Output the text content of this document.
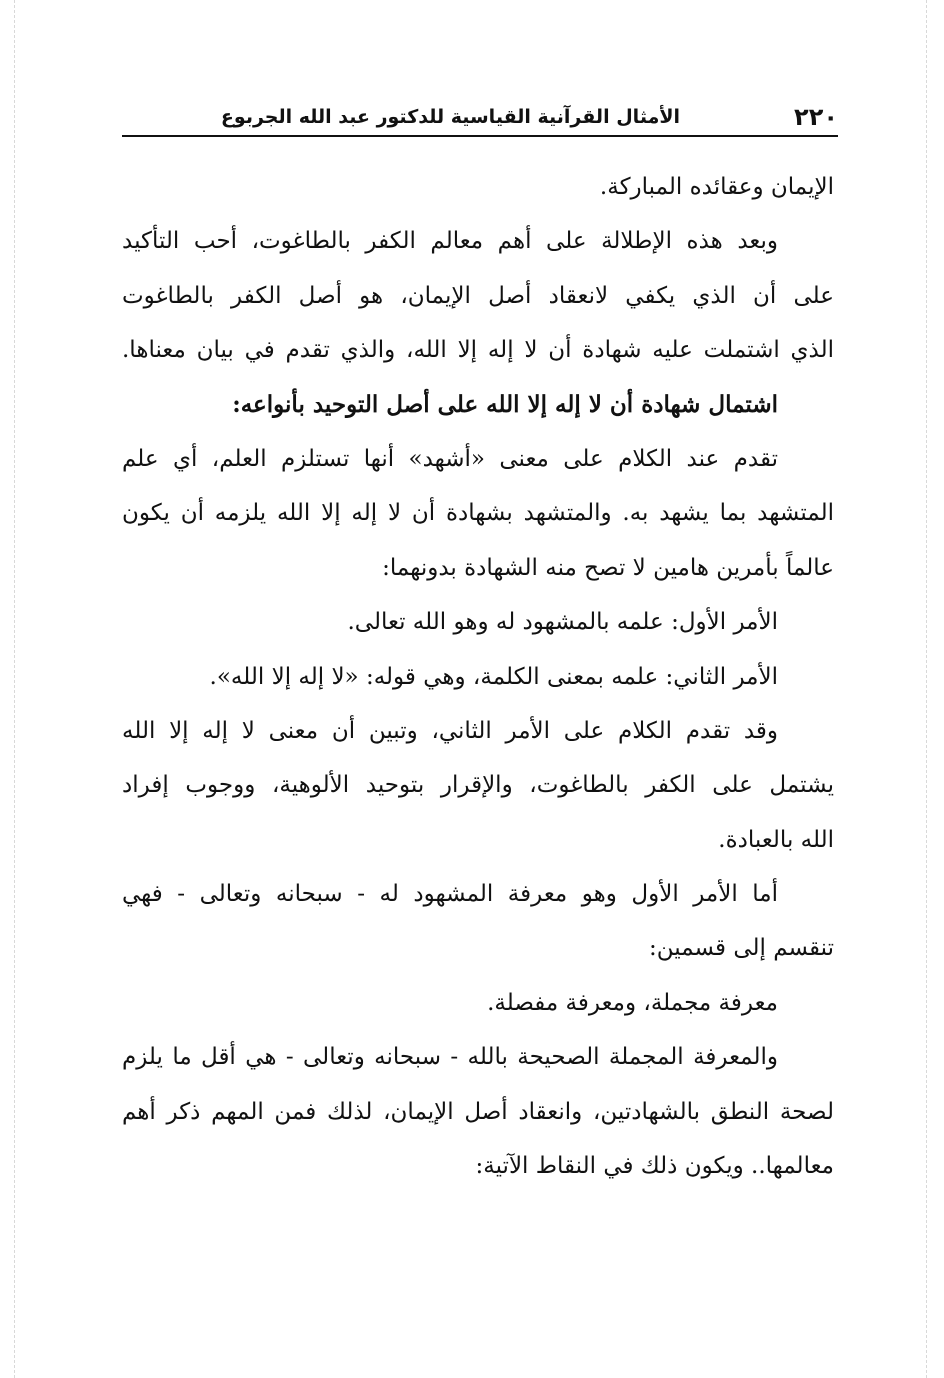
٢٢٠
الأمثال القرآنية القياسية للدكتور عبد الله الجربوع
الإيمان وعقائده المباركة.
وبعد هذه الإطلالة على أهم معالم الكفر بالطاغوت، أحب التأكيد
على أن الذي يكفي لانعقاد أصل الإيمان، هو أصل الكفر بالطاغوت
الذي اشتملت عليه شهادة أن لا إله إلا الله، والذي تقدم في بيان معناها.
اشتمال شهادة أن لا إله إلا الله على أصل التوحيد بأنواعه:
تقدم عند الكلام على معنى «أشهد» أنها تستلزم العلم، أي علم
المتشهد بما يشهد به. والمتشهد بشهادة أن لا إله إلا الله يلزمه أن يكون
عالماً بأمرين هامين لا تصح منه الشهادة بدونهما:
الأمر الأول: علمه بالمشهود له وهو الله تعالى.
الأمر الثاني: علمه بمعنى الكلمة، وهي قوله: «لا إله إلا الله».
وقد تقدم الكلام على الأمر الثاني، وتبين أن معنى لا إله إلا الله
يشتمل على الكفر بالطاغوت، والإقرار بتوحيد الألوهية، ووجوب إفراد
الله بالعبادة.
أما الأمر الأول وهو معرفة المشهود له - سبحانه وتعالى - فهي
تنقسم إلى قسمين:
معرفة مجملة، ومعرفة مفصلة.
والمعرفة المجملة الصحيحة بالله - سبحانه وتعالى - هي أقل ما يلزم
لصحة النطق بالشهادتين، وانعقاد أصل الإيمان، لذلك فمن المهم ذكر أهم
معالمها.. ويكون ذلك في النقاط الآتية:
